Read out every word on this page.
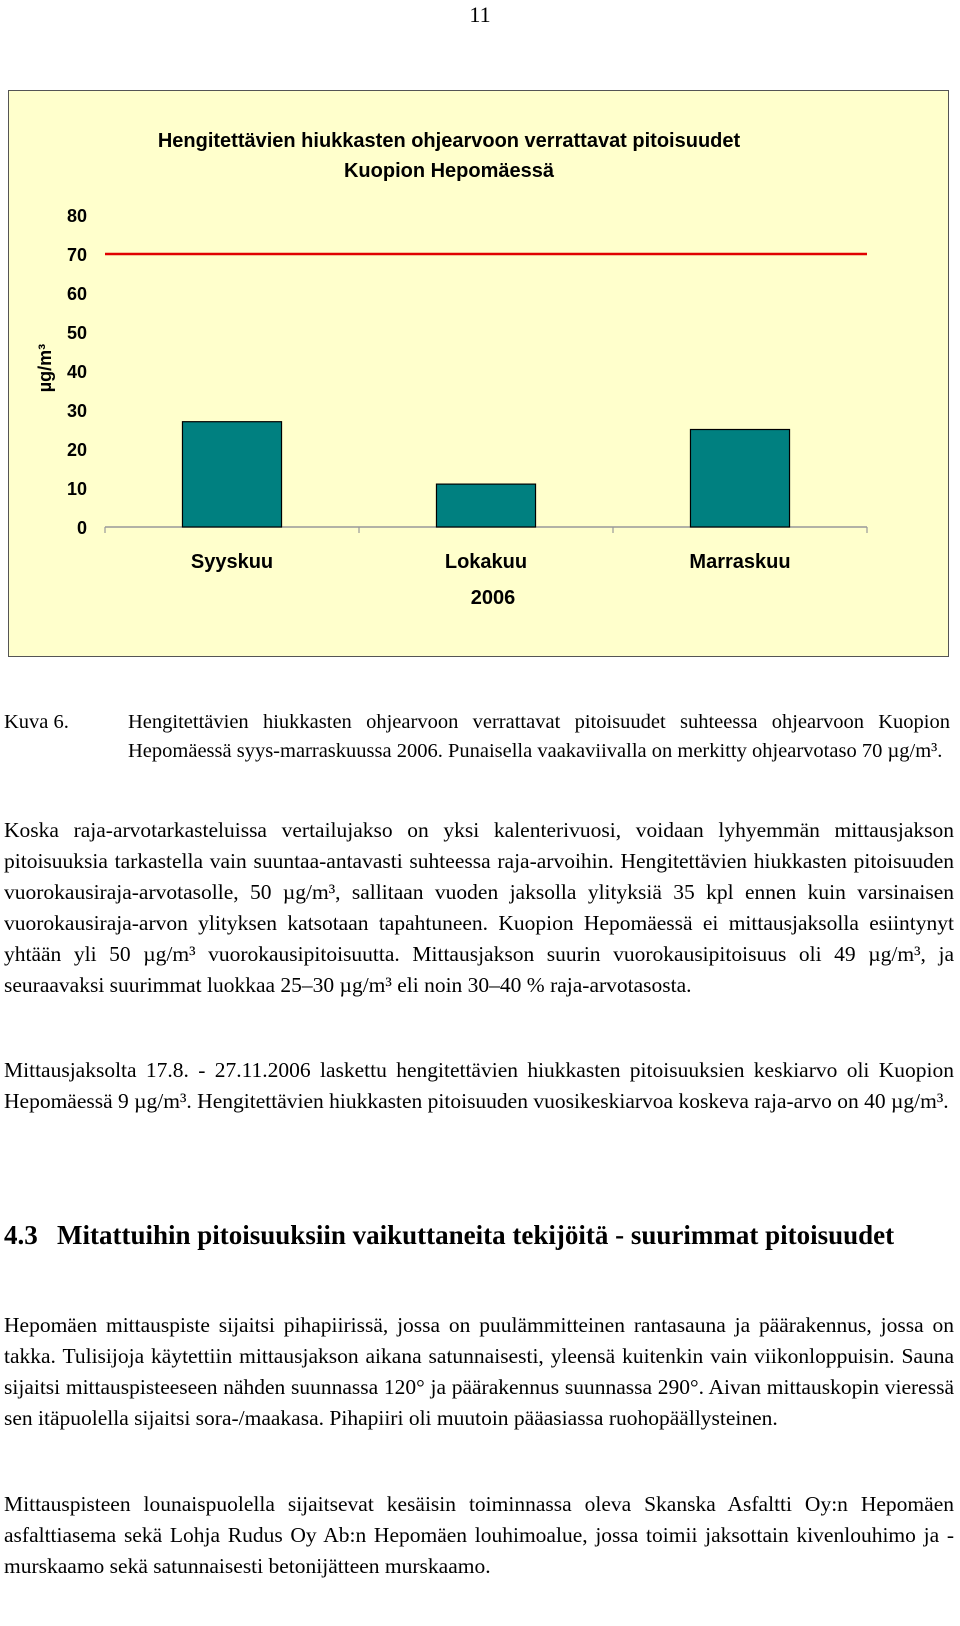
11
Hengitettävien hiukkasten ohjearvoon verrattavat pitoisuudet
Kuopion Hepomäessä
µg/m³
2006
80
70
60
50
40
30
20
10
0
Syyskuu	Lokakuu	Marraskuu
Kuva 6.	Hengitettävien hiukkasten ohjearvoon verrattavat pitoisuudet suhteessa ohjearvoon Kuopion Hepomäessä syys-marraskuussa 2006. Punaisella vaakaviivalla on merkitty ohjearvotaso 70 µg/m³.

Koska raja-arvotarkasteluissa vertailujakso on yksi kalenterivuosi, voidaan lyhyemmän mittausjakson pitoisuuksia tarkastella vain suuntaa-antavasti suhteessa raja-arvoihin. Hengitettävien hiukkasten pitoisuuden vuorokausiraja-arvotasolle, 50 µg/m³, sallitaan vuoden jaksolla ylityksiä 35 kpl ennen kuin varsinaisen vuorokausiraja-arvon ylityksen katsotaan tapahtuneen. Kuopion Hepomäessä ei mittausjaksolla esiintynyt yhtään yli 50 µg/m³ vuorokausipitoisuutta. Mittausjakson suurin vuorokausipitoisuus oli 49 µg/m³, ja seuraavaksi suurimmat luokkaa 25–30 µg/m³ eli noin 30–40 % raja-arvotasosta.

Mittausjaksolta 17.8. - 27.11.2006 laskettu hengitettävien hiukkasten pitoisuuksien keskiarvo oli Kuopion Hepomäessä 9 µg/m³. Hengitettävien hiukkasten pitoisuuden vuosikeskiarvoa koskeva raja-arvo on 40 µg/m³.

4.3 Mitattuihin pitoisuuksiin vaikuttaneita tekijöitä - suurimmat pitoisuudet

Hepomäen mittauspiste sijaitsi pihapiirissä, jossa on puulämmitteinen rantasauna ja päärakennus, jossa on takka. Tulisijoja käytettiin mittausjakson aikana satunnaisesti, yleensä kuitenkin vain viikonloppuisin. Sauna sijaitsi mittauspisteeseen nähden suunnassa 120° ja päärakennus suunnassa 290°. Aivan mittauskopin vieressä sen itäpuolella sijaitsi sora-/maakasa. Pihapiiri oli muutoin pääasiassa ruohopäällysteinen.

Mittauspisteen lounaispuolella sijaitsevat kesäisin toiminnassa oleva Skanska Asfaltti Oy:n Hepomäen asfalttiasema sekä Lohja Rudus Oy Ab:n Hepomäen louhimoalue, jossa toimii jaksottain kivenlouhimo ja -murskaamo sekä satunnaisesti betonijätteen murskaamo.
